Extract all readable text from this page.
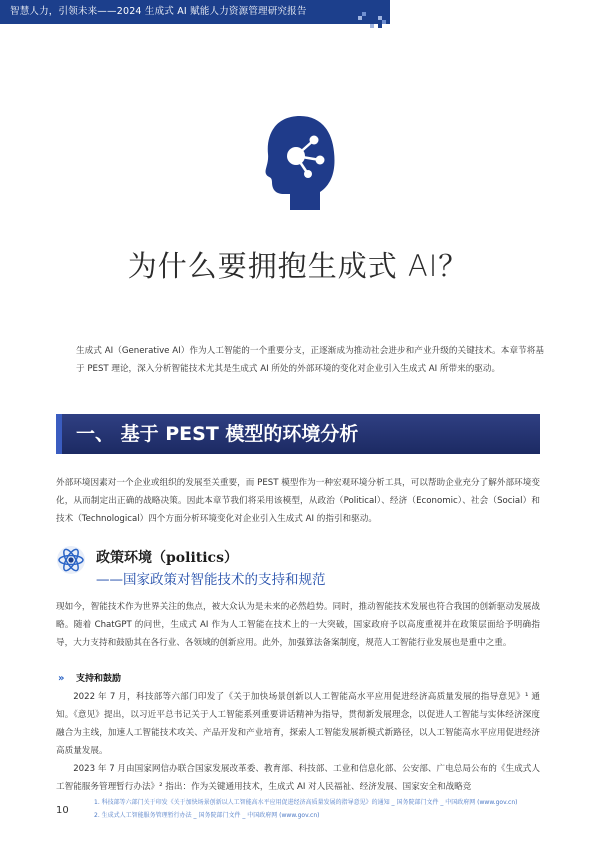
智慧人力，引领未来——2024 生成式 AI 赋能人力资源管理研究报告
为什么要拥抱生成式 AI？

生成式 AI（Generative AI）作为人工智能的一个重要分支，正逐渐成为推动社会进步和产业升级的关键技术。本章节将基于 PEST 理论，深入分析智能技术尤其是生成式 AI 所处的外部环境的变化对企业引入生成式 AI 所带来的驱动。

一、 基于 PEST 模型的环境分析

外部环境因素对一个企业或组织的发展至关重要，而 PEST 模型作为一种宏观环境分析工具，可以帮助企业充分了解外部环境变化，从而制定出正确的战略决策。因此本章节我们将采用该模型，从政治（Political）、经济（Economic）、社会（Social）和技术（Technological）四个方面分析环境变化对企业引入生成式 AI 的指引和驱动。

政策环境（politics）

——国家政策对智能技术的支持和规范

现如今，智能技术作为世界关注的焦点，被大众认为是未来的必然趋势。同时，推动智能技术发展也符合我国的创新驱动发展战略。随着 ChatGPT 的问世，生成式 AI 作为人工智能在技术上的一大突破，国家政府予以高度重视并在政策层面给予明确指导，大力支持和鼓励其在各行业、各领域的创新应用。此外，加强算法备案制度，规范人工智能行业发展也是重中之重。

» 支持和鼓励

2022 年 7 月，科技部等六部门印发了《关于加快场景创新以人工智能高水平应用促进经济高质量发展的指导意见》¹ 通知。《意见》提出，以习近平总书记关于人工智能系列重要讲话精神为指导，贯彻新发展理念，以促进人工智能与实体经济深度融合为主线，加速人工智能技术攻关、产品开发和产业培育，探索人工智能发展新模式新路径，以人工智能高水平应用促进经济高质量发展。

2023 年 7 月由国家网信办联合国家发展改革委、教育部、科技部、工业和信息化部、公安部、广电总局公布的《生成式人工智能服务管理暂行办法》² 指出：作为关键通用技术，生成式 AI 对人民福祉、经济发展、国家安全和战略竞

10

1. 科技部等六部门关于印发《关于加快场景创新以人工智能高水平应用促进经济高质量发展的指导意见》的通知 _ 国务院部门文件 _ 中国政府网 (www.gov.cn)

2. 生成式人工智能服务管理暂行办法 _ 国务院部门文件 _ 中国政府网 (www.gov.cn)
